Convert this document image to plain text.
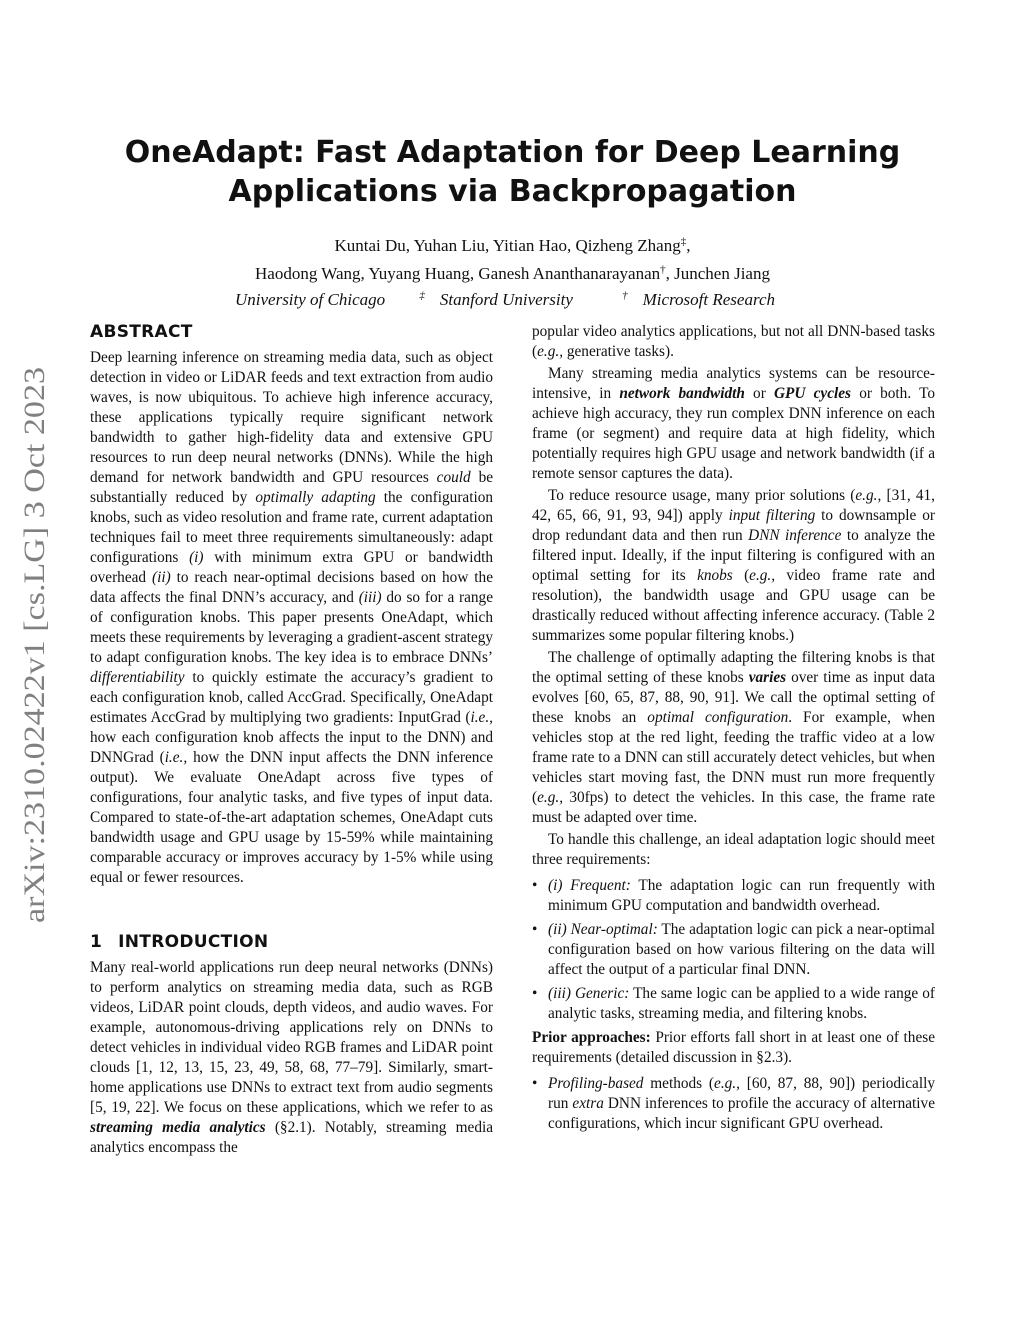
arXiv:2310.02422v1 [cs.LG] 3 Oct 2023
OneAdapt: Fast Adaptation for Deep Learning
Applications via Backpropagation
Kuntai Du, Yuhan Liu, Yitian Hao, Qizheng Zhang‡,
Haodong Wang, Yuyang Huang, Ganesh Ananthanarayanan†, Junchen Jiang
University of Chicago	‡ Stanford University	† Microsoft Research
ABSTRACT

Deep learning inference on streaming media data, such as object detection in video or LiDAR feeds and text extraction from audio waves, is now ubiquitous. To achieve high inference accuracy, these applications typically require significant network bandwidth to gather high-fidelity data and extensive GPU resources to run deep neural networks (DNNs). While the high demand for network bandwidth and GPU resources could be substantially reduced by optimally adapting the configuration knobs, such as video resolution and frame rate, current adaptation techniques fail to meet three requirements simultaneously: adapt configurations (i) with minimum extra GPU or bandwidth overhead (ii) to reach near-optimal decisions based on how the data affects the final DNN’s accuracy, and (iii) do so for a range of configuration knobs. This paper presents OneAdapt, which meets these requirements by leveraging a gradient-ascent strategy to adapt configuration knobs. The key idea is to embrace DNNs’ differentiability to quickly estimate the accuracy’s gradient to each configuration knob, called AccGrad. Specifically, OneAdapt estimates AccGrad by multiplying two gradients: InputGrad (i.e., how each configuration knob affects the input to the DNN) and DNNGrad (i.e., how the DNN input affects the DNN inference output). We evaluate OneAdapt across five types of configurations, four analytic tasks, and five types of input data. Compared to state-of-the-art adaptation schemes, OneAdapt cuts bandwidth usage and GPU usage by 15-59% while maintaining comparable accuracy or improves accuracy by 1-5% while using equal or fewer resources.

1 INTRODUCTION

Many real-world applications run deep neural networks (DNNs) to perform analytics on streaming media data, such as RGB videos, LiDAR point clouds, depth videos, and audio waves. For example, autonomous-driving applications rely on DNNs to detect vehicles in individual video RGB frames and LiDAR point clouds [1, 12, 13, 15, 23, 49, 58, 68, 77–79]. Similarly, smart-home applications use DNNs to extract text from audio segments [5, 19, 22]. We focus on these applications, which we refer to as streaming media analytics (§2.1). Notably, streaming media analytics encompass the

popular video analytics applications, but not all DNN-based tasks (e.g., generative tasks).

Many streaming media analytics systems can be resource-intensive, in network bandwidth or GPU cycles or both. To achieve high accuracy, they run complex DNN inference on each frame (or segment) and require data at high fidelity, which potentially requires high GPU usage and network bandwidth (if a remote sensor captures the data).

To reduce resource usage, many prior solutions (e.g., [31, 41, 42, 65, 66, 91, 93, 94]) apply input filtering to downsample or drop redundant data and then run DNN inference to analyze the filtered input. Ideally, if the input filtering is configured with an optimal setting for its knobs (e.g., video frame rate and resolution), the bandwidth usage and GPU usage can be drastically reduced without affecting inference accuracy. (Table 2 summarizes some popular filtering knobs.)

The challenge of optimally adapting the filtering knobs is that the optimal setting of these knobs varies over time as input data evolves [60, 65, 87, 88, 90, 91]. We call the optimal setting of these knobs an optimal configuration. For example, when vehicles stop at the red light, feeding the traffic video at a low frame rate to a DNN can still accurately detect vehicles, but when vehicles start moving fast, the DNN must run more frequently (e.g., 30fps) to detect the vehicles. In this case, the frame rate must be adapted over time.

To handle this challenge, an ideal adaptation logic should meet three requirements:

• (i) Frequent: The adaptation logic can run frequently with minimum GPU computation and bandwidth overhead.
• (ii) Near-optimal: The adaptation logic can pick a near-optimal configuration based on how various filtering on the data will affect the output of a particular final DNN.
• (iii) Generic: The same logic can be applied to a wide range of analytic tasks, streaming media, and filtering knobs.

Prior approaches: Prior efforts fall short in at least one of these requirements (detailed discussion in §2.3).

• Profiling-based methods (e.g., [60, 87, 88, 90]) periodically run extra DNN inferences to profile the accuracy of alternative configurations, which incur significant GPU overhead.
